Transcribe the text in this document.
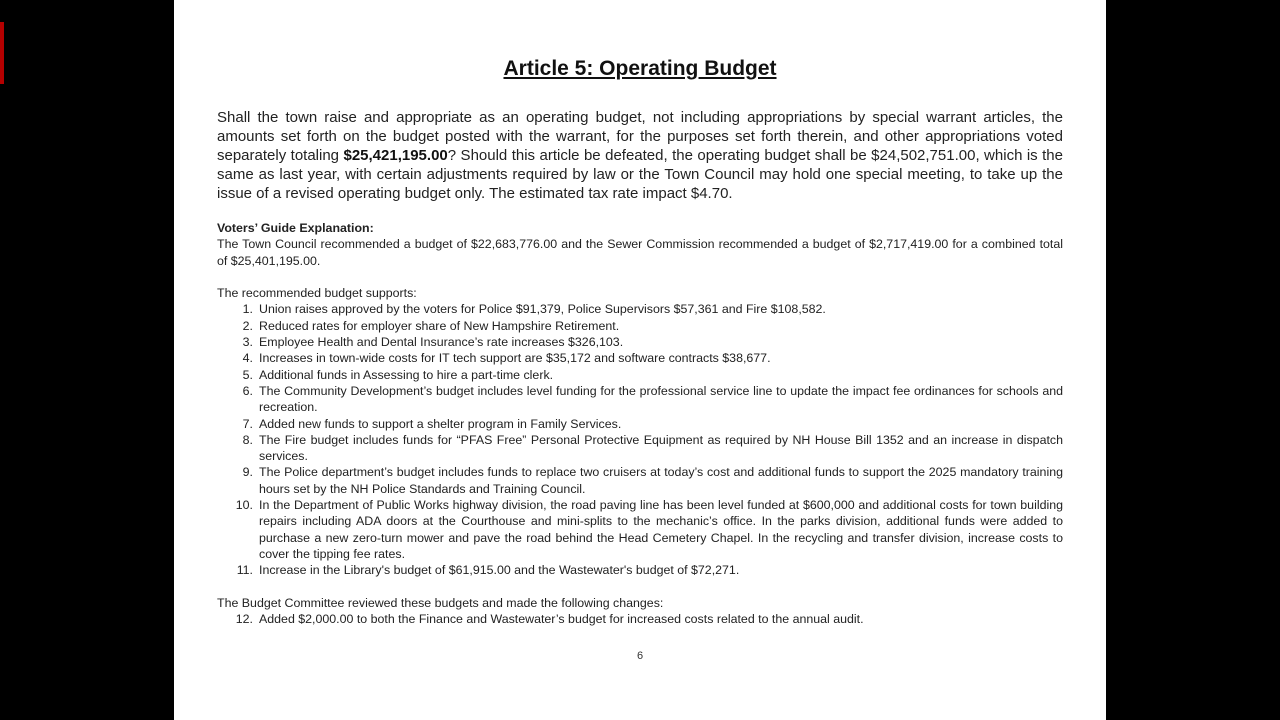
Article 5: Operating Budget

Shall the town raise and appropriate as an operating budget, not including appropriations by special warrant articles, the amounts set forth on the budget posted with the warrant, for the purposes set forth therein, and other appropriations voted separately totaling $25,421,195.00? Should this article be defeated, the operating budget shall be $24,502,751.00, which is the same as last year, with certain adjustments required by law or the Town Council may hold one special meeting, to take up the issue of a revised operating budget only. The estimated tax rate impact $4.70.

Voters’ Guide Explanation:

The Town Council recommended a budget of $22,683,776.00 and the Sewer Commission recommended a budget of $2,717,419.00 for a combined total of $25,401,195.00.

The recommended budget supports:

1. Union raises approved by the voters for Police $91,379, Police Supervisors $57,361 and Fire $108,582.
2. Reduced rates for employer share of New Hampshire Retirement.
3. Employee Health and Dental Insurance’s rate increases $326,103.
4. Increases in town-wide costs for IT tech support are $35,172 and software contracts $38,677.
5. Additional funds in Assessing to hire a part-time clerk.
6. The Community Development’s budget includes level funding for the professional service line to update the impact fee ordinances for schools and recreation.
7. Added new funds to support a shelter program in Family Services.
8. The Fire budget includes funds for “PFAS Free” Personal Protective Equipment as required by NH House Bill 1352 and an increase in dispatch services.
9. The Police department’s budget includes funds to replace two cruisers at today’s cost and additional funds to support the 2025 mandatory training hours set by the NH Police Standards and Training Council.
10. In the Department of Public Works highway division, the road paving line has been level funded at $600,000 and additional costs for town building repairs including ADA doors at the Courthouse and mini-splits to the mechanic’s office. In the parks division, additional funds were added to purchase a new zero-turn mower and pave the road behind the Head Cemetery Chapel. In the recycling and transfer division, increase costs to cover the tipping fee rates.
11. Increase in the Library's budget of $61,915.00 and the Wastewater's budget of $72,271.

The Budget Committee reviewed these budgets and made the following changes:

12. Added $2,000.00 to both the Finance and Wastewater’s budget for increased costs related to the annual audit.
6
